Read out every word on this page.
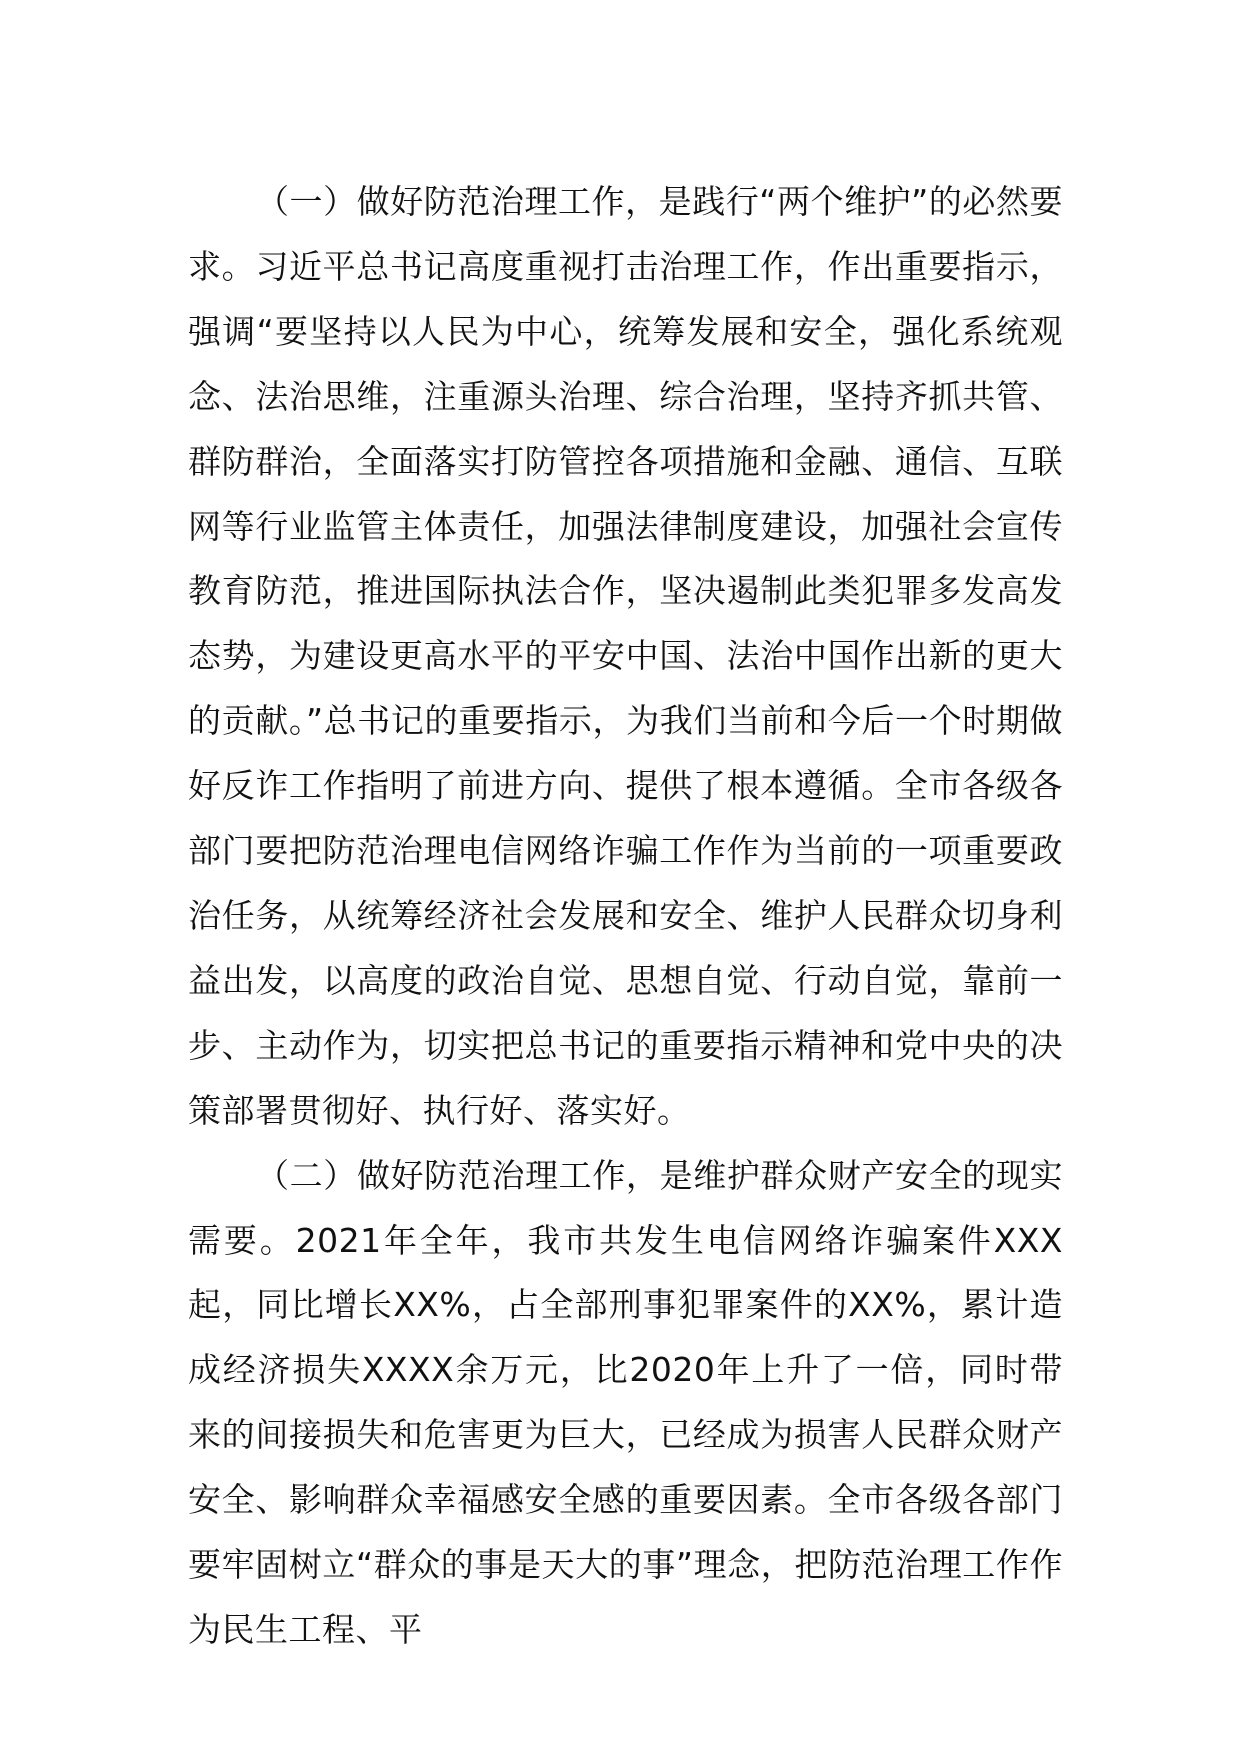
（一）做好防范治理工作，是践行“两个维护”的必然要求。习近平总书记高度重视打击治理工作，作出重要指示，强调“要坚持以人民为中心，统筹发展和安全，强化系统观念、法治思维，注重源头治理、综合治理，坚持齐抓共管、群防群治，全面落实打防管控各项措施和金融、通信、互联网等行业监管主体责任，加强法律制度建设，加强社会宣传教育防范，推进国际执法合作，坚决遏制此类犯罪多发高发态势，为建设更高水平的平安中国、法治中国作出新的更大的贡献。”总书记的重要指示，为我们当前和今后一个时期做好反诈工作指明了前进方向、提供了根本遵循。全市各级各部门要把防范治理电信网络诈骗工作作为当前的一项重要政治任务，从统筹经济社会发展和安全、维护人民群众切身利益出发，以高度的政治自觉、思想自觉、行动自觉，靠前一步、主动作为，切实把总书记的重要指示精神和党中央的决策部署贯彻好、执行好、落实好。

（二）做好防范治理工作，是维护群众财产安全的现实需要。2021年全年，我市共发生电信网络诈骗案件XXX起，同比增长XX%，占全部刑事犯罪案件的XX%，累计造成经济损失XXXX余万元，比2020年上升了一倍，同时带来的间接损失和危害更为巨大，已经成为损害人民群众财产安全、影响群众幸福感安全感的重要因素。全市各级各部门要牢固树立“群众的事是天大的事”理念，把防范治理工作作为民生工程、平
